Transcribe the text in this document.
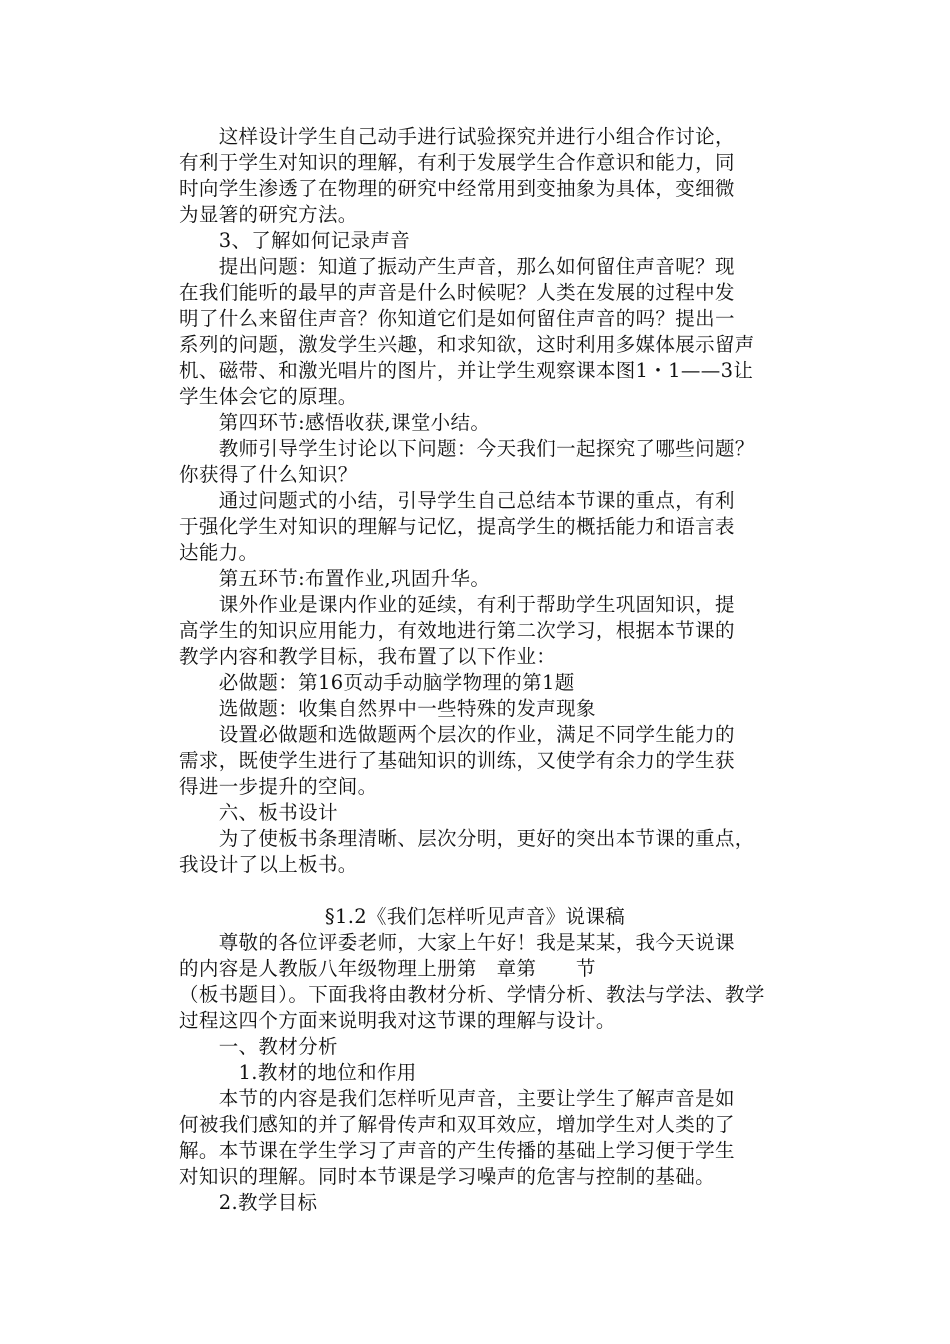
　　这样设计学生自己动手进行试验探究并进行小组合作讨论，
有利于学生对知识的理解，有利于发展学生合作意识和能力，同
时向学生渗透了在物理的研究中经常用到变抽象为具体，变细微
为显箸的研究方法。
　　3、了解如何记录声音
　　提出问题：知道了振动产生声音，那么如何留住声音呢？现
在我们能听的最早的声音是什么时候呢？人类在发展的过程中发
明了什么来留住声音？你知道它们是如何留住声音的吗？提出一
系列的问题，激发学生兴趣，和求知欲，这时利用多媒体展示留声
机、磁带、和激光唱片的图片，并让学生观察课本图1・1——3让
学生体会它的原理。
　　第四环节:感悟收获,课堂小结。
　　教师引导学生讨论以下问题：今天我们一起探究了哪些问题？
你获得了什么知识？
　　通过问题式的小结，引导学生自己总结本节课的重点，有利
于强化学生对知识的理解与记忆，提高学生的概括能力和语言表
达能力。
　　第五环节:布置作业,巩固升华。
　　课外作业是课内作业的延续，有利于帮助学生巩固知识，提
高学生的知识应用能力，有效地进行第二次学习，根据本节课的
教学内容和教学目标，我布置了以下作业：
　　必做题：第16页动手动脑学物理的第1题
　　选做题：收集自然界中一些特殊的发声现象
　　设置必做题和选做题两个层次的作业，满足不同学生能力的
需求，既使学生进行了基础知识的训练，又使学有余力的学生获
得进一步提升的空间。
　　六、板书设计
　　为了使板书条理清晰、层次分明，更好的突出本节课的重点，
我设计了以上板书。
§1.2《我们怎样听见声音》说课稿
　　尊敬的各位评委老师，大家上午好！我是某某，我今天说课
的内容是人教版八年级物理上册第　章第　　节
（板书题目）。下面我将由教材分析、学情分析、教法与学法、教学
过程这四个方面来说明我对这节课的理解与设计。
　　一、教材分析
　　　1.教材的地位和作用
　　本节的内容是我们怎样听见声音，主要让学生了解声音是如
何被我们感知的并了解骨传声和双耳效应，增加学生对人类的了
解。本节课在学生学习了声音的产生传播的基础上学习便于学生
对知识的理解。同时本节课是学习噪声的危害与控制的基础。
　　2.教学目标
